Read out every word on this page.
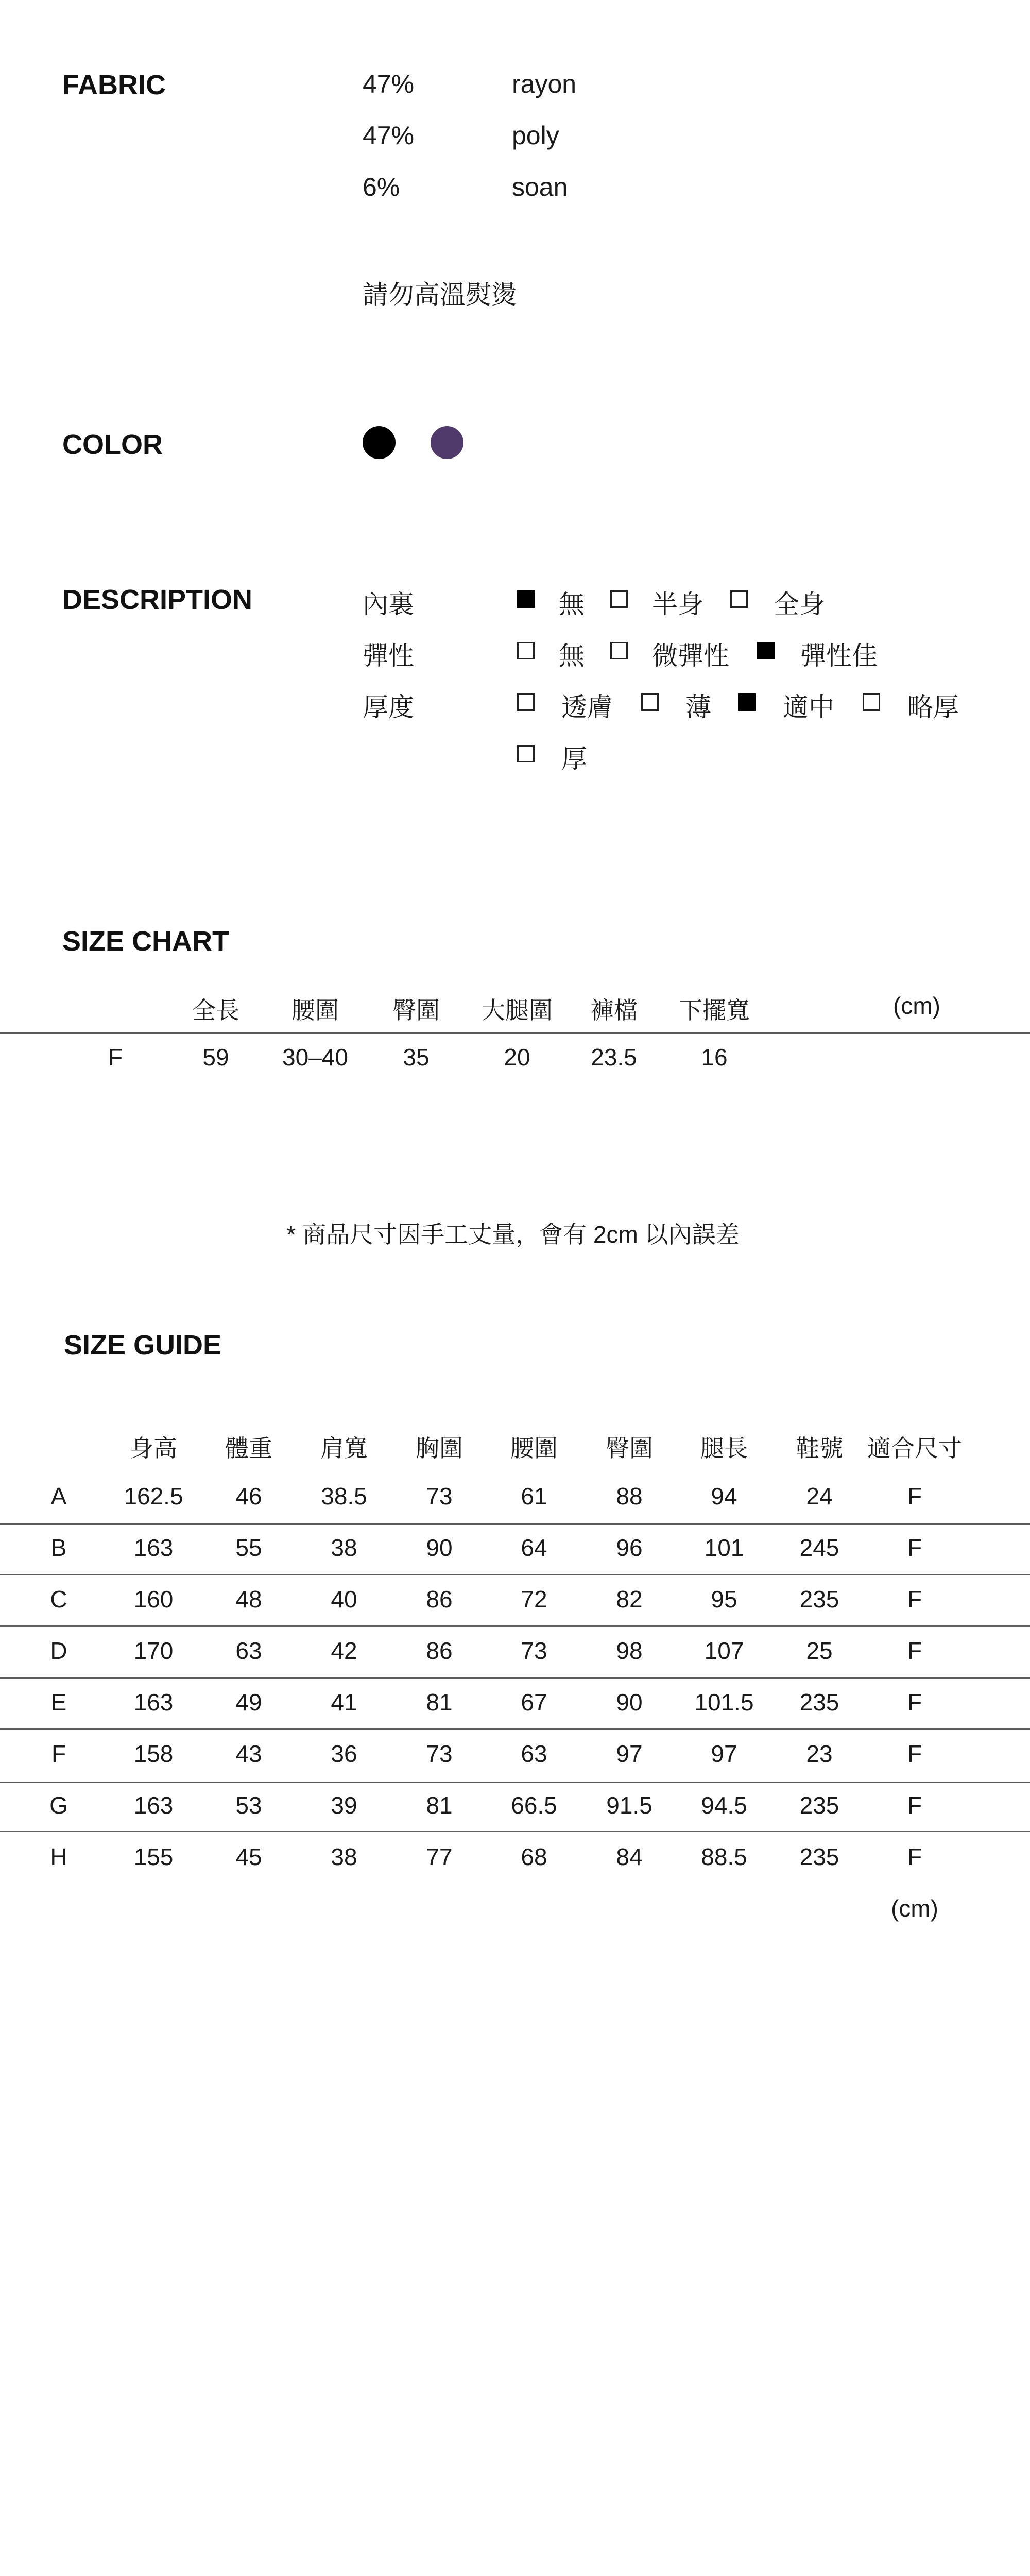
FABRIC	47%	rayon
47%	poly
6%	soan
請勿高溫熨燙
COLOR
DESCRIPTION	內裏	無	半身	全身
彈性	無	微彈性	彈性佳
厚度	透膚	薄	適中	略厚
厚
SIZE CHART
全長 腰圍 臀圍 大腿圍 褲檔 下擺寬	(cm)
F	59 30–40 35	20	23.5	16
* 商品尺寸因手工丈量，會有 2cm 以內誤差
SIZE GUIDE
身高 體重 肩寬 胸圍 腰圍 臀圍 腿長 鞋號 適合尺寸
A 162.5 46 38.5 73	61	88	94	24	F
B	163	55	38	90	64	96	101 245	F
C	160	48	40	86	72	82	95	235	F
D	170	63	42	86	73	98	107	25	F
E	163	49	41	81	67	90 101.5 235	F
F	158	43	36	73	63	97	97	23	F
G	163	53	39	81 66.5 91.5 94.5 235	F
H	155	45	38	77	68	84 88.5 235	F
(cm)
